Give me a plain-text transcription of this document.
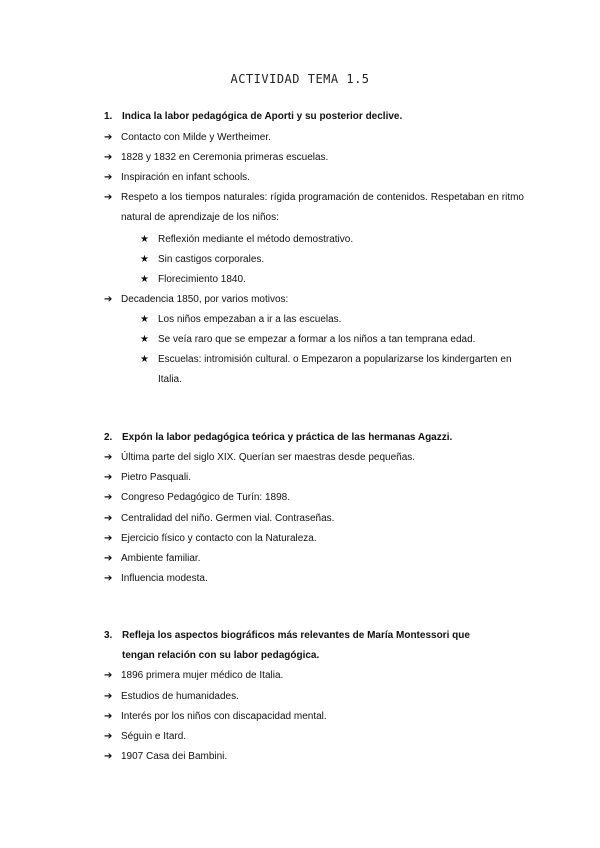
ACTIVIDAD TEMA 1.5
1. Indica la labor pedagógica de Aporti y su posterior declive.
➔ Contacto con Milde y Wertheimer.
➔ 1828 y 1832 en Ceremonia primeras escuelas.
➔ Inspiración en infant schools.
➔ Respeto a los tiempos naturales: rígida programación de contenidos. Respetaban en ritmo natural de aprendizaje de los niños:
★ Reflexión mediante el método demostrativo.
★ Sin castigos corporales.
★ Florecimiento 1840.
➔ Decadencia 1850, por varios motivos:
★ Los niños empezaban a ir a las escuelas.
★ Se veía raro que se empezar a formar a los niños a tan temprana edad.
★ Escuelas: intromisión cultural. o Empezaron a popularizarse los kindergarten en Italia.
2. Expón la labor pedagógica teórica y práctica de las hermanas Agazzi.
➔ Última parte del siglo XIX. Querían ser maestras desde pequeñas.
➔ Pietro Pasquali.
➔ Congreso Pedagógico de Turín: 1898.
➔ Centralidad del niño. Germen vial. Contraseñas.
➔ Ejercicio físico y contacto con la Naturaleza.
➔ Ambiente familiar.
➔ Influencia modesta.
3. Refleja los aspectos biográficos más relevantes de María Montessori que tengan relación con su labor pedagógica.
➔ 1896 primera mujer médico de Italia.
➔ Estudios de humanidades.
➔ Interés por los niños con discapacidad mental.
➔ Séguin e Itard.
➔ 1907 Casa dei Bambini.
